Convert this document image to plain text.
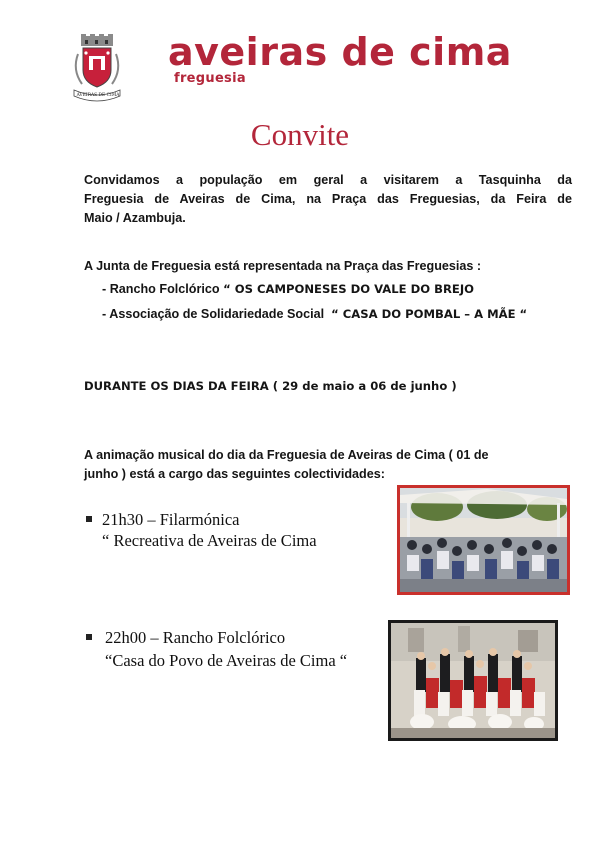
AVEIRAS DE CIMA
aveiras de cima
freguesia
Convite
Convidamos a população em geral a visitarem a Tasquinha da
Freguesia de Aveiras de Cima, na Praça das Freguesias, da Feira de
Maio / Azambuja.
A Junta de Freguesia está representada na Praça das Freguesias :
- Rancho Folclórico “ OS CAMPONESES DO VALE DO BREJO
- Associação de Solidariedade Social “ CASA DO POMBAL – A MÃE “
DURANTE OS DIAS DA FEIRA ( 29 de maio a 06 de junho )
A animação musical do dia da Freguesia de Aveiras de Cima ( 01 de
junho ) está a cargo das seguintes colectividades:
21h30 – Filarmónica
“ Recreativa de Aveiras de Cima
22h00 – Rancho Folclórico
“Casa do Povo de Aveiras de Cima “
